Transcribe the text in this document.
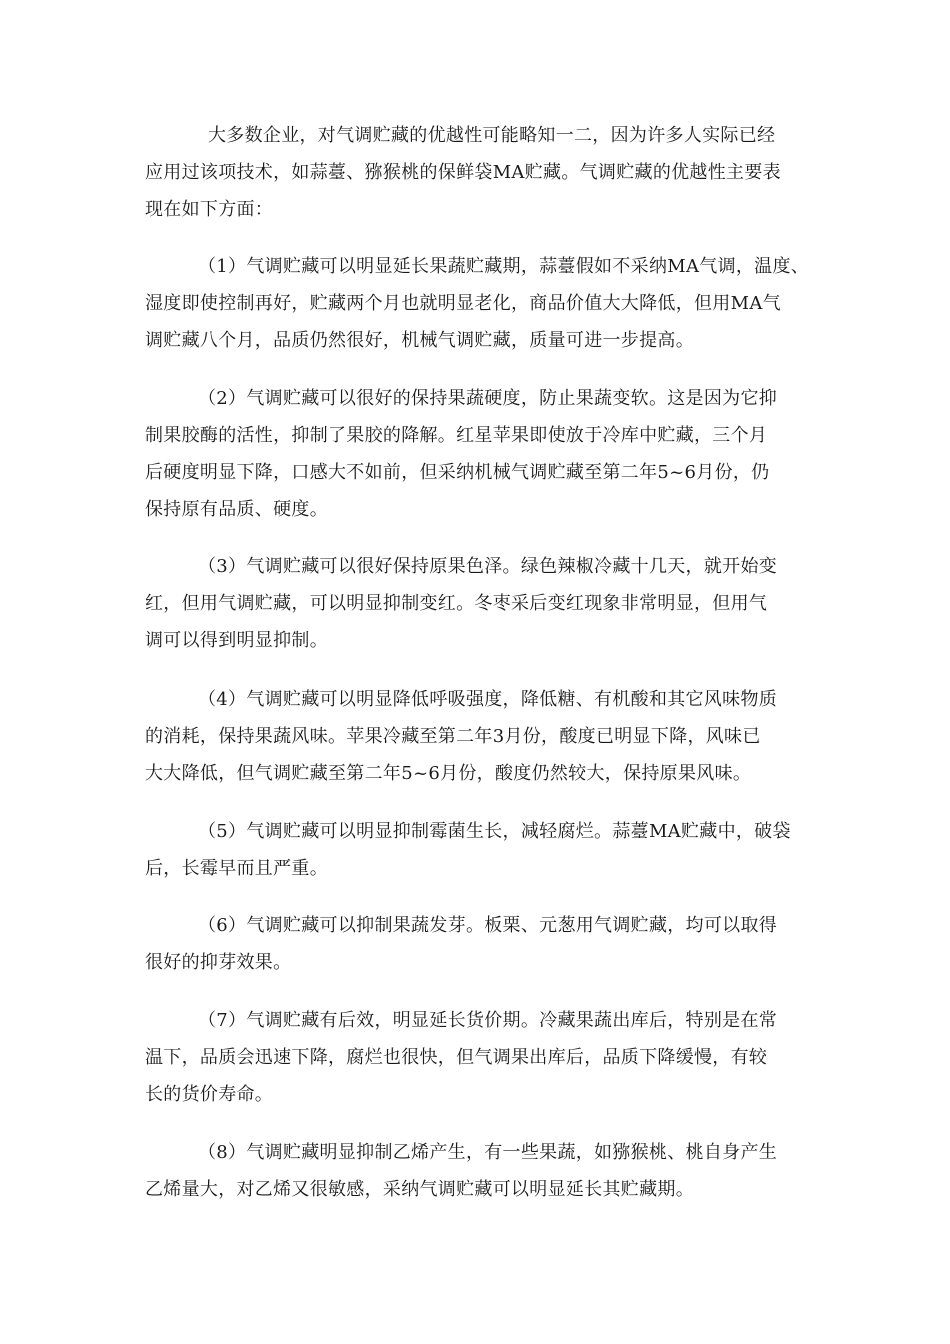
大多数企业，对气调贮藏的优越性可能略知一二，因为许多人实际已经
应用过该项技术，如蒜薹、猕猴桃的保鲜袋MA贮藏。气调贮藏的优越性主要表
现在如下方面：
（1）气调贮藏可以明显延长果蔬贮藏期，蒜薹假如不采纳MA气调，温度、
湿度即使控制再好，贮藏两个月也就明显老化，商品价值大大降低，但用MA气
调贮藏八个月，品质仍然很好，机械气调贮藏，质量可进一步提高。
（2）气调贮藏可以很好的保持果蔬硬度，防止果蔬变软。这是因为它抑
制果胶酶的活性，抑制了果胶的降解。红星苹果即使放于冷库中贮藏，三个月
后硬度明显下降，口感大不如前，但采纳机械气调贮藏至第二年5~6月份，仍
保持原有品质、硬度。
（3）气调贮藏可以很好保持原果色泽。绿色辣椒冷藏十几天，就开始变
红，但用气调贮藏，可以明显抑制变红。冬枣采后变红现象非常明显，但用气
调可以得到明显抑制。
（4）气调贮藏可以明显降低呼吸强度，降低糖、有机酸和其它风味物质
的消耗，保持果蔬风味。苹果冷藏至第二年3月份，酸度已明显下降，风味已
大大降低，但气调贮藏至第二年5~6月份，酸度仍然较大，保持原果风味。
（5）气调贮藏可以明显抑制霉菌生长，减轻腐烂。蒜薹MA贮藏中，破袋
后，长霉早而且严重。
（6）气调贮藏可以抑制果蔬发芽。板栗、元葱用气调贮藏，均可以取得
很好的抑芽效果。
（7）气调贮藏有后效，明显延长货价期。冷藏果蔬出库后，特别是在常
温下，品质会迅速下降，腐烂也很快，但气调果出库后，品质下降缓慢，有较
长的货价寿命。
（8）气调贮藏明显抑制乙烯产生，有一些果蔬，如猕猴桃、桃自身产生
乙烯量大，对乙烯又很敏感，采纳气调贮藏可以明显延长其贮藏期。
